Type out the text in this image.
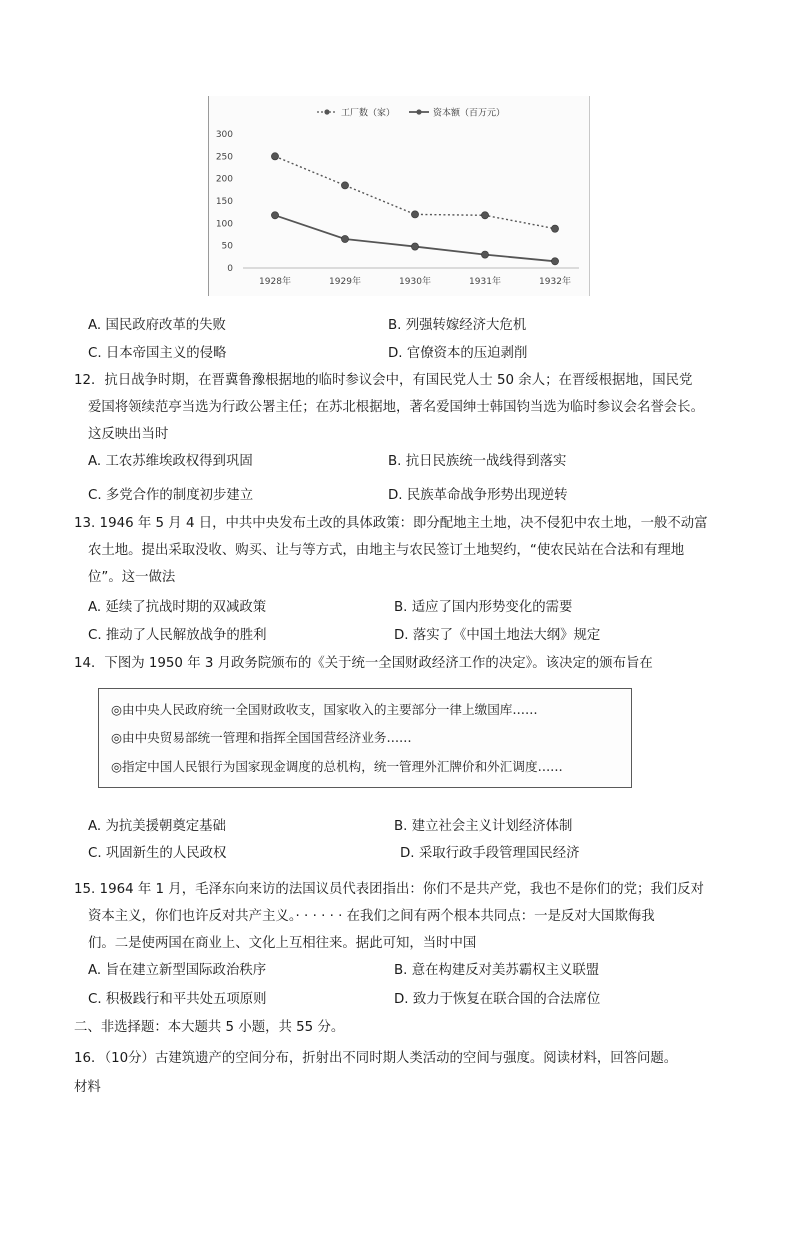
0
50
100
150
200
250
300
1928年	1929年	1930年	1931年	1932年
工厂数（家）	资本额（百万元）
A. 国民政府改革的失败	B. 列强转嫁经济大危机
C. 日本帝国主义的侵略	D. 官僚资本的压迫剥削
12．抗日战争时期，在晋冀鲁豫根据地的临时参议会中，有国民党人士 50 余人；在晋绥根据地，国民党
爱国将领续范亭当选为行政公署主任；在苏北根据地，著名爱国绅士韩国钧当选为临时参议会名誉会长。
这反映出当时
A. 工农苏维埃政权得到巩固	B. 抗日民族统一战线得到落实
C. 多党合作的制度初步建立	D. 民族革命战争形势出现逆转
13. 1946 年 5 月 4 日，中共中央发布土改的具体政策：即分配地主土地，决不侵犯中农土地，一般不动富
农土地。提出采取没收、购买、让与等方式，由地主与农民签订土地契约，“使农民站在合法和有理地
位”。这一做法
A. 延续了抗战时期的双减政策	B. 适应了国内形势变化的需要
C. 推动了人民解放战争的胜利	D. 落实了《中国土地法大纲》规定
14．下图为 1950 年 3 月政务院颁布的《关于统一全国财政经济工作的决定》。该决定的颁布旨在
◎由中央人民政府统一全国财政收支，国家收入的主要部分一律上缴国库……
◎由中央贸易部统一管理和指挥全国国营经济业务……
◎指定中国人民银行为国家现金调度的总机构，统一管理外汇牌价和外汇调度……
A. 为抗美援朝奠定基础	B. 建立社会主义计划经济体制
C. 巩固新生的人民政权	D. 采取行政手段管理国民经济
15. 1964 年 1 月，毛泽东向来访的法国议员代表团指出：你们不是共产党，我也不是你们的党；我们反对
资本主义，你们也许反对共产主义。· · · · · · 在我们之间有两个根本共同点：一是反对大国欺侮我
们。二是使两国在商业上、文化上互相往来。据此可知，当时中国
A. 旨在建立新型国际政治秩序	B. 意在构建反对美苏霸权主义联盟
C. 积极践行和平共处五项原则	D. 致力于恢复在联合国的合法席位
二、非选择题：本大题共 5 小题，共 55 分。
16．（10分）古建筑遗产的空间分布，折射出不同时期人类活动的空间与强度。阅读材料，回答问题。
材料
